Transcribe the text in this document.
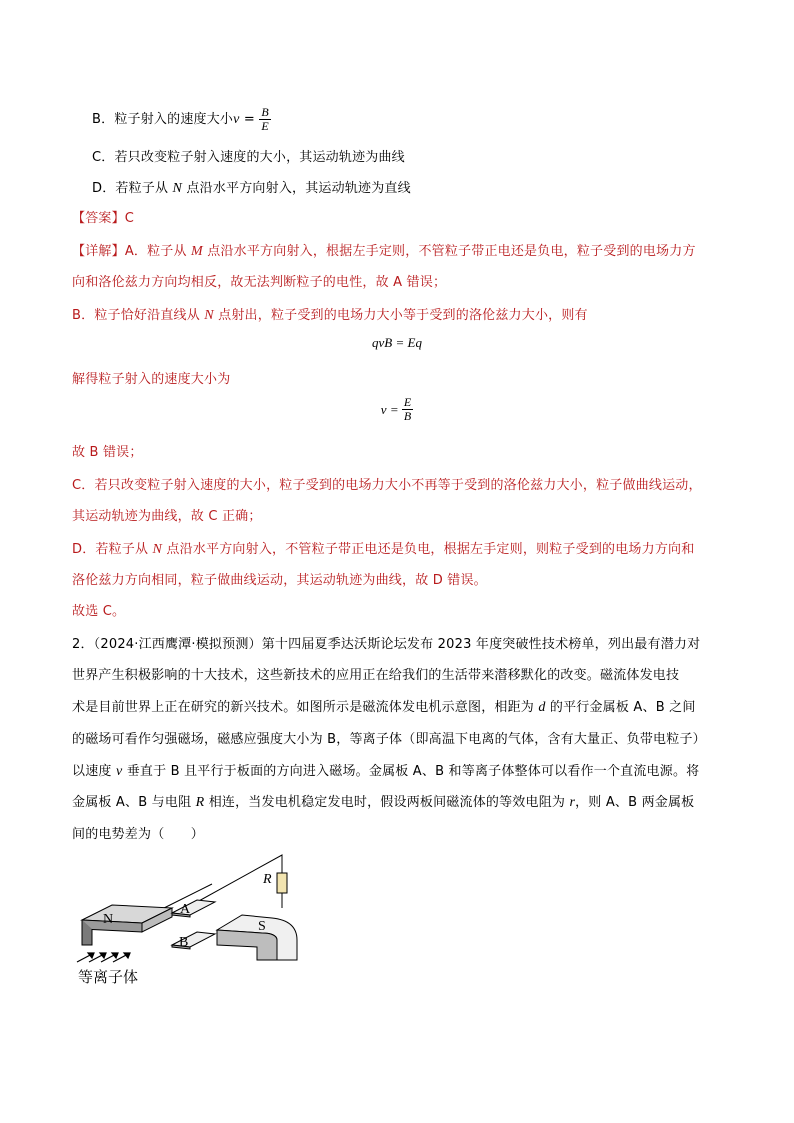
B．粒子射入的速度大小$v = \frac{B}{E}$
C．若只改变粒子射入速度的大小，其运动轨迹为曲线
D．若粒子从 N 点沿水平方向射入，其运动轨迹为直线
【答案】C
【详解】A．粒子从 M 点沿水平方向射入，根据左手定则，不管粒子带正电还是负电，粒子受到的电场力方
向和洛伦兹力方向均相反，故无法判断粒子的电性，故 A 错误；
B．粒子恰好沿直线从 N 点射出，粒子受到的电场力大小等于受到的洛伦兹力大小，则有
qvB = Eq
解得粒子射入的速度大小为
$v = \frac{E}{B}$
故 B 错误；
C．若只改变粒子射入速度的大小，粒子受到的电场力大小不再等于受到的洛伦兹力大小，粒子做曲线运动，
其运动轨迹为曲线，故 C 正确；
D．若粒子从 N 点沿水平方向射入，不管粒子带正电还是负电，根据左手定则，则粒子受到的电场力方向和
洛伦兹力方向相同，粒子做曲线运动，其运动轨迹为曲线，故 D 错误。
故选 C。
2．（2024·江西鹰潭·模拟预测）第十四届夏季达沃斯论坛发布 2023 年度突破性技术榜单，列出最有潜力对
世界产生积极影响的十大技术，这些新技术的应用正在给我们的生活带来潜移默化的改变。磁流体发电技
术是目前世界上正在研究的新兴技术。如图所示是磁流体发电机示意图，相距为 d 的平行金属板 A、B 之间
的磁场可看作匀强磁场，磁感应强度大小为 B，等离子体（即高温下电离的气体，含有大量正、负带电粒子）
以速度 v 垂直于 B 且平行于板面的方向进入磁场。金属板 A、B 和等离子体整体可以看作一个直流电源。将
金属板 A、B 与电阻 R 相连，当发电机稳定发电时，假设两板间磁流体的等效电阻为 r，则 A、B 两金属板
间的电势差为（　　）
N
A
B
S
R
等离子体
